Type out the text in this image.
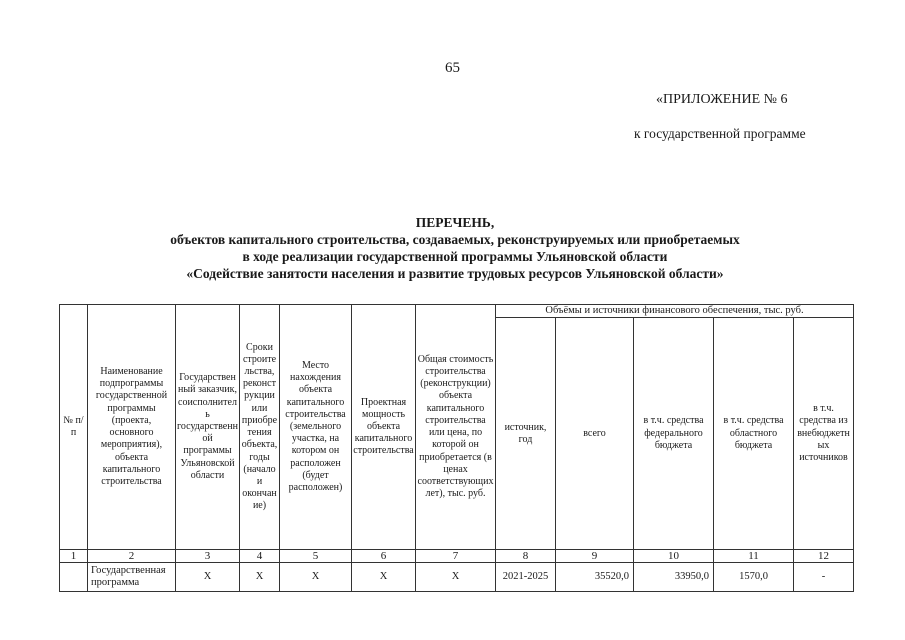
65
«ПРИЛОЖЕНИЕ № 6
к государственной программе
ПЕРЕЧЕНЬ,
объектов капитального строительства, создаваемых, реконструируемых или приобретаемых
в ходе реализации государственной программы Ульяновской области
«Содействие занятости населения и развитие трудовых ресурсов Ульяновской области»
№ п/п	Наименование подпрограммы государственной программы (проекта, основного мероприятия), объекта капитального строительства	Государственный заказчик, соисполнитель государственной программы Ульяновской области	Сроки строительства, реконструкции или приобретения объекта, годы (начало и окончание)	Место нахождения объекта капитального строительства (земельного участка, на котором он расположен (будет расположен)	Проектная мощность объекта капитального строительства	Общая стоимость строительства (реконструкции) объекта капитального строительства или цена, по которой он приобретается (в ценах соответствующих лет), тыс. руб.	Объёмы и источники финансового обеспечения, тыс. руб.				
							источник, год	всего	в т.ч. средства федерального бюджета	в т.ч. средства областного бюджета	в т.ч. средства из внебюджетных источников
1	2	3	4	5	6	7	8	9	10	11	12
	Государственная программа	Х	Х	Х	Х	Х	2021-2025	35520,0	33950,0	1570,0	-
